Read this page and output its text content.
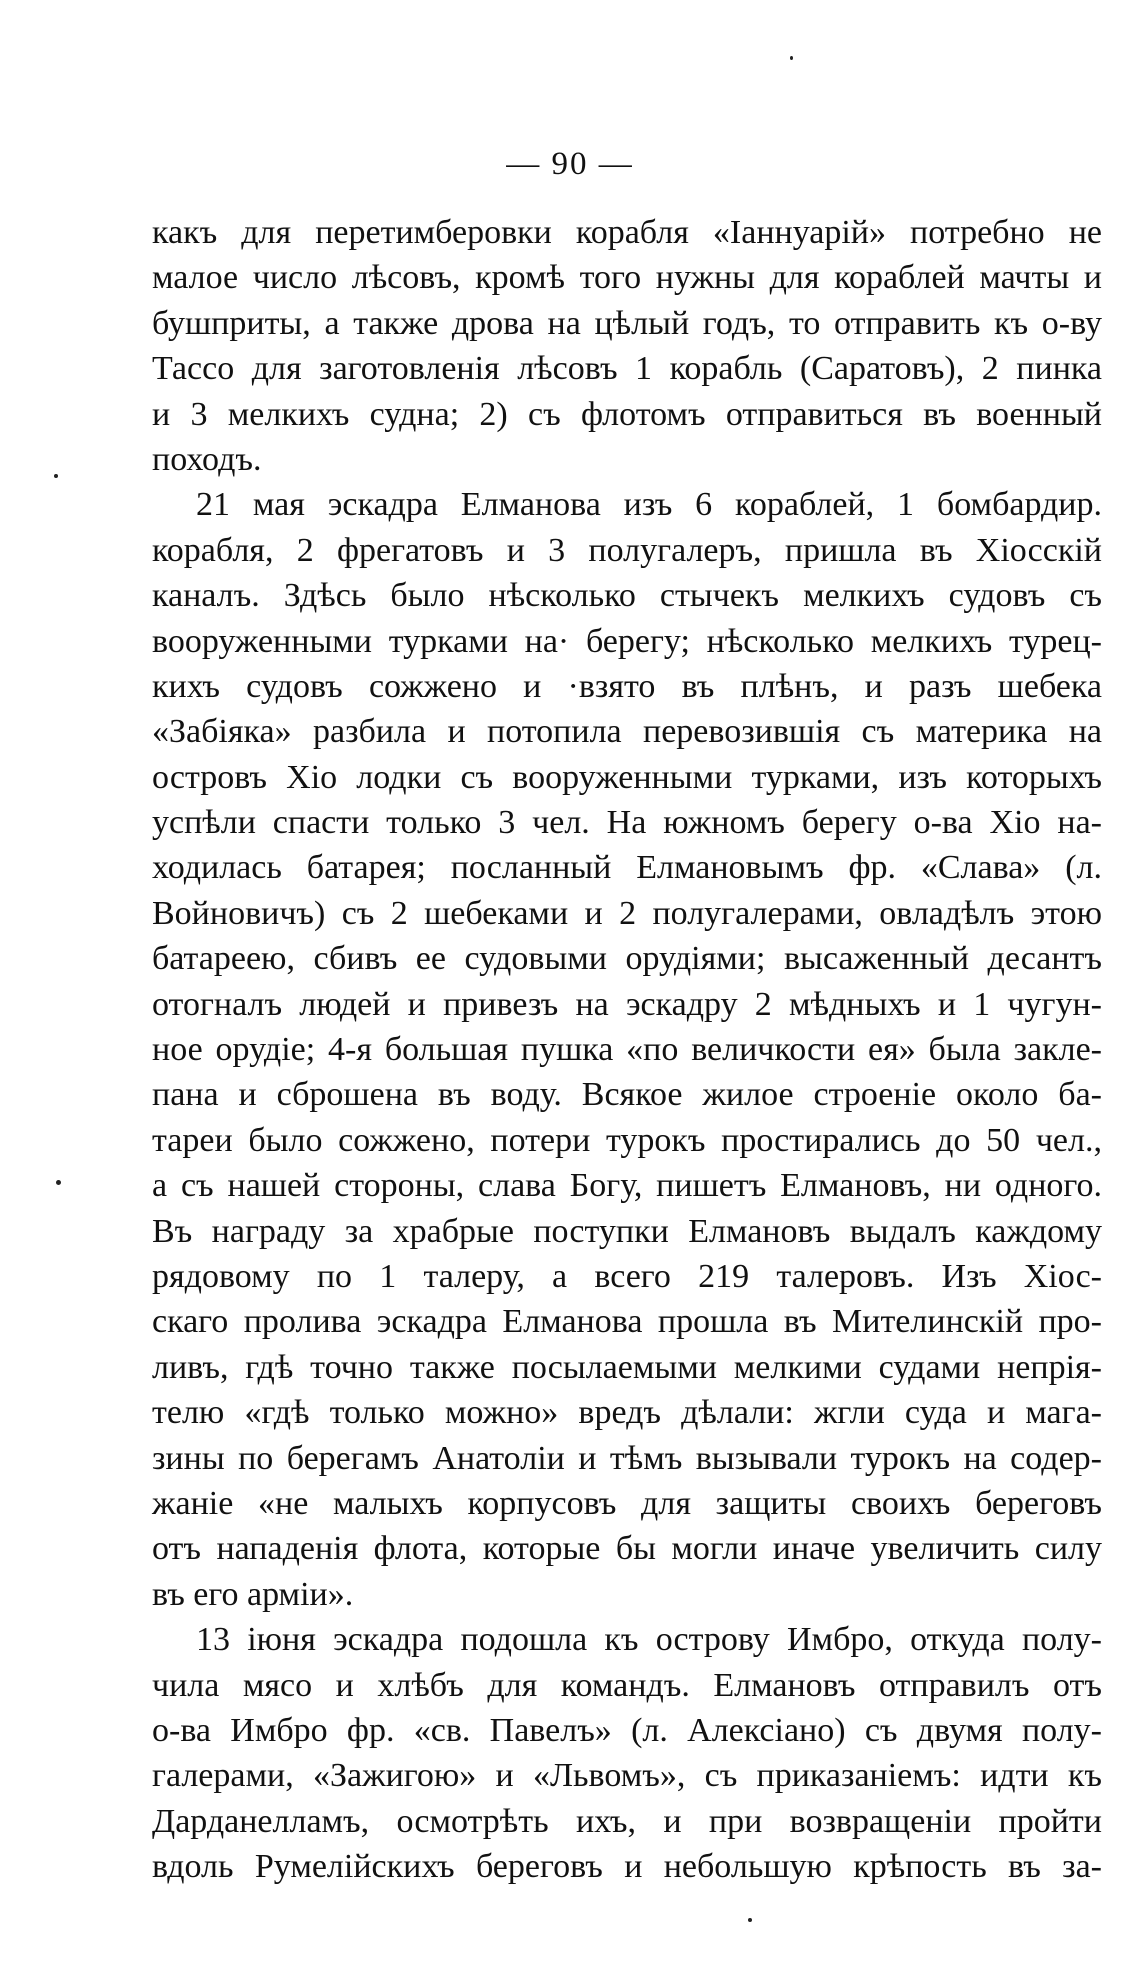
— 90 —
какъ для перетимберовки корабля «Іаннуарій» потребно не
малое число лѣсовъ, кромѣ того нужны для кораблей мачты и
бушприты, а также дрова на цѣлый годъ, то отправить къ о-ву
Тассо для заготовленія лѣсовъ 1 корабль (Саратовъ), 2 пинка
и 3 мелкихъ судна; 2) съ флотомъ отправиться въ военный
походъ.
21 мая эскадра Елманова изъ 6 кораблей, 1 бомбардир.
корабля, 2 фрегатовъ и 3 полугалеръ, пришла въ Хіосскій
каналъ. Здѣсь было нѣсколько стычекъ мелкихъ судовъ съ
вооруженными турками на· берегу; нѣсколько мелкихъ турец-
кихъ судовъ сожжено и ·взято въ плѣнъ, и разъ шебека
«Забіяка» разбила и потопила перевозившія съ материка на
островъ Хіо лодки съ вооруженными турками, изъ которыхъ
успѣли спасти только 3 чел. На южномъ берегу о-ва Хіо на-
ходилась батарея; посланный Елмановымъ фр. «Слава» (л.
Войновичъ) съ 2 шебеками и 2 полугалерами, овладѣлъ этою
батареею, сбивъ ее судовыми орудіями; высаженный десантъ
отогналъ людей и привезъ на эскадру 2 мѣдныхъ и 1 чугун-
ное орудіе; 4-я большая пушка «по величкости ея» была закле-
пана и сброшена въ воду. Всякое жилое строеніе около ба-
тареи было сожжено, потери турокъ простирались до 50 чел.,
а съ нашей стороны, слава Богу, пишетъ Елмановъ, ни одного.
Въ награду за храбрые поступки Елмановъ выдалъ каждому
рядовому по 1 талеру, а всего 219 талеровъ. Изъ Хіос-
скаго пролива эскадра Елманова прошла въ Мителинскій про-
ливъ, гдѣ точно также посылаемыми мелкими судами непрія-
телю «гдѣ только можно» вредъ дѣлали: жгли суда и магa-
зины по берегамъ Анатоліи и тѣмъ вызывали турокъ на содер-
жаніе «не малыхъ корпусовъ для защиты своихъ береговъ
отъ нападенія флота, которые бы могли иначе увеличить силу
въ его арміи».
13 іюня эскадра подошла къ острову Имбро, откуда полу-
чила мясо и хлѣбъ для командъ. Елмановъ отправилъ отъ
о-ва Имбро фр. «св. Павелъ» (л. Алексіано) съ двумя полу-
галерами, «Зажигою» и «Львомъ», съ приказаніемъ: идти къ
Дарданелламъ, осмотрѣть ихъ, и при возвращеніи пройти
вдоль Румелійскихъ береговъ и небольшую крѣпость въ за-
